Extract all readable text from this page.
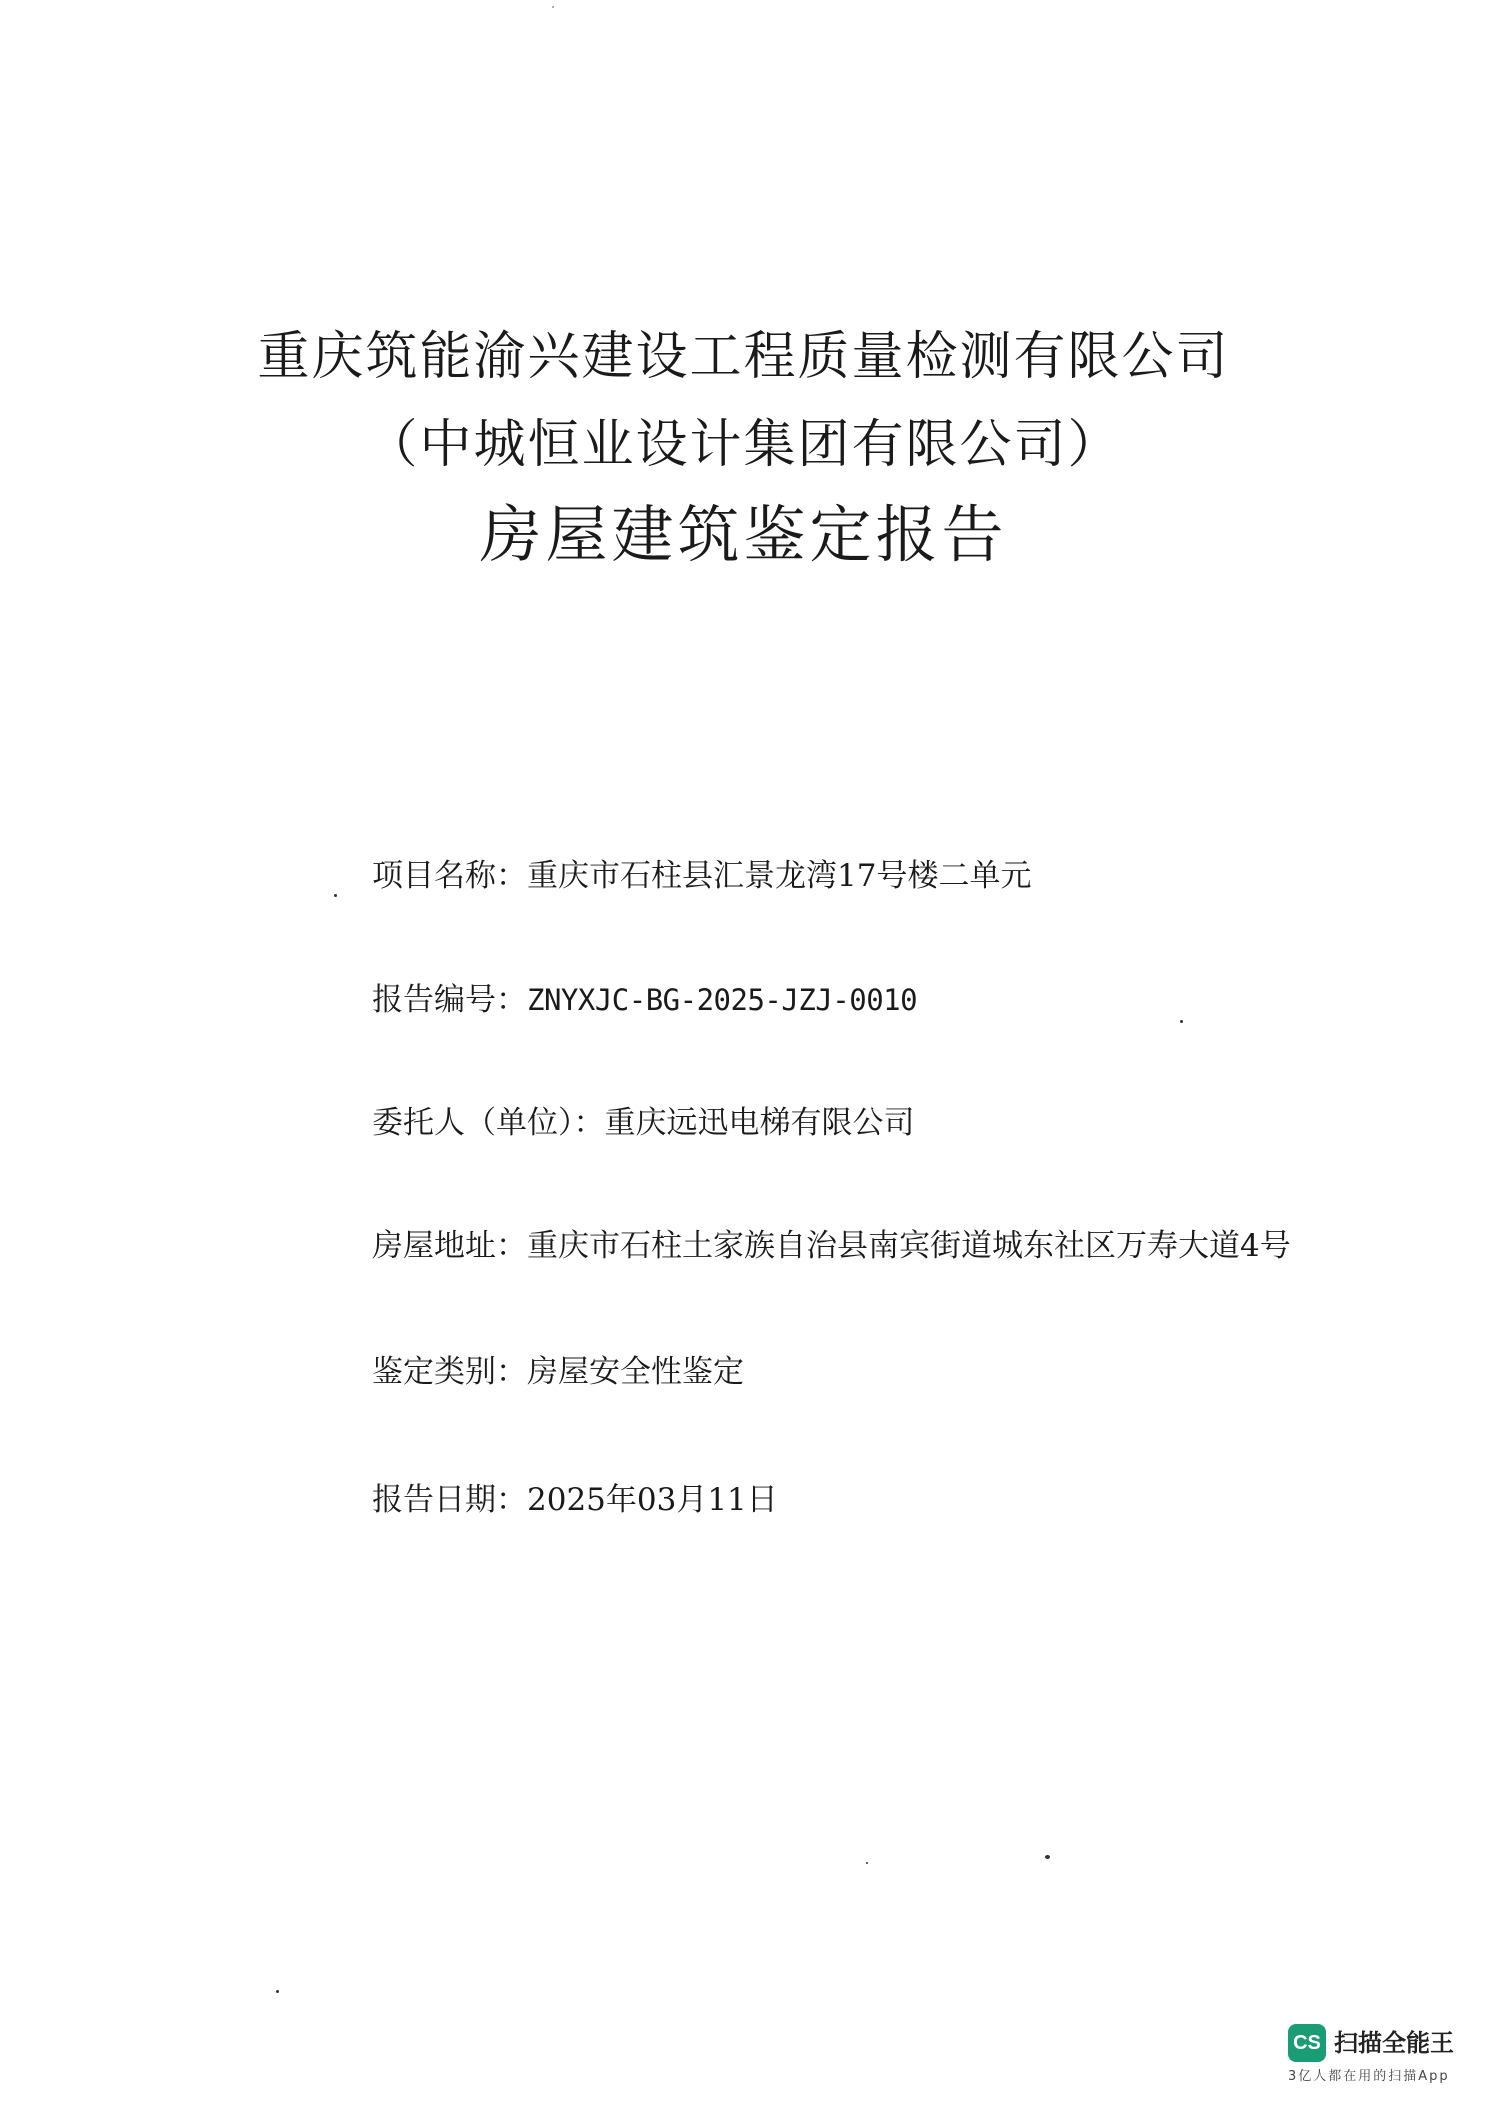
重庆筑能渝兴建设工程质量检测有限公司
（中城恒业设计集团有限公司）
房屋建筑鉴定报告
项目名称：重庆市石柱县汇景龙湾17号楼二单元
报告编号：ZNYXJC-BG-2025-JZJ-0010
委托人（单位）：重庆远迅电梯有限公司
房屋地址：重庆市石柱土家族自治县南宾街道城东社区万寿大道4号
鉴定类别：房屋安全性鉴定
报告日期：2025年03月11日
CS 扫描全能王
3亿人都在用的扫描App
